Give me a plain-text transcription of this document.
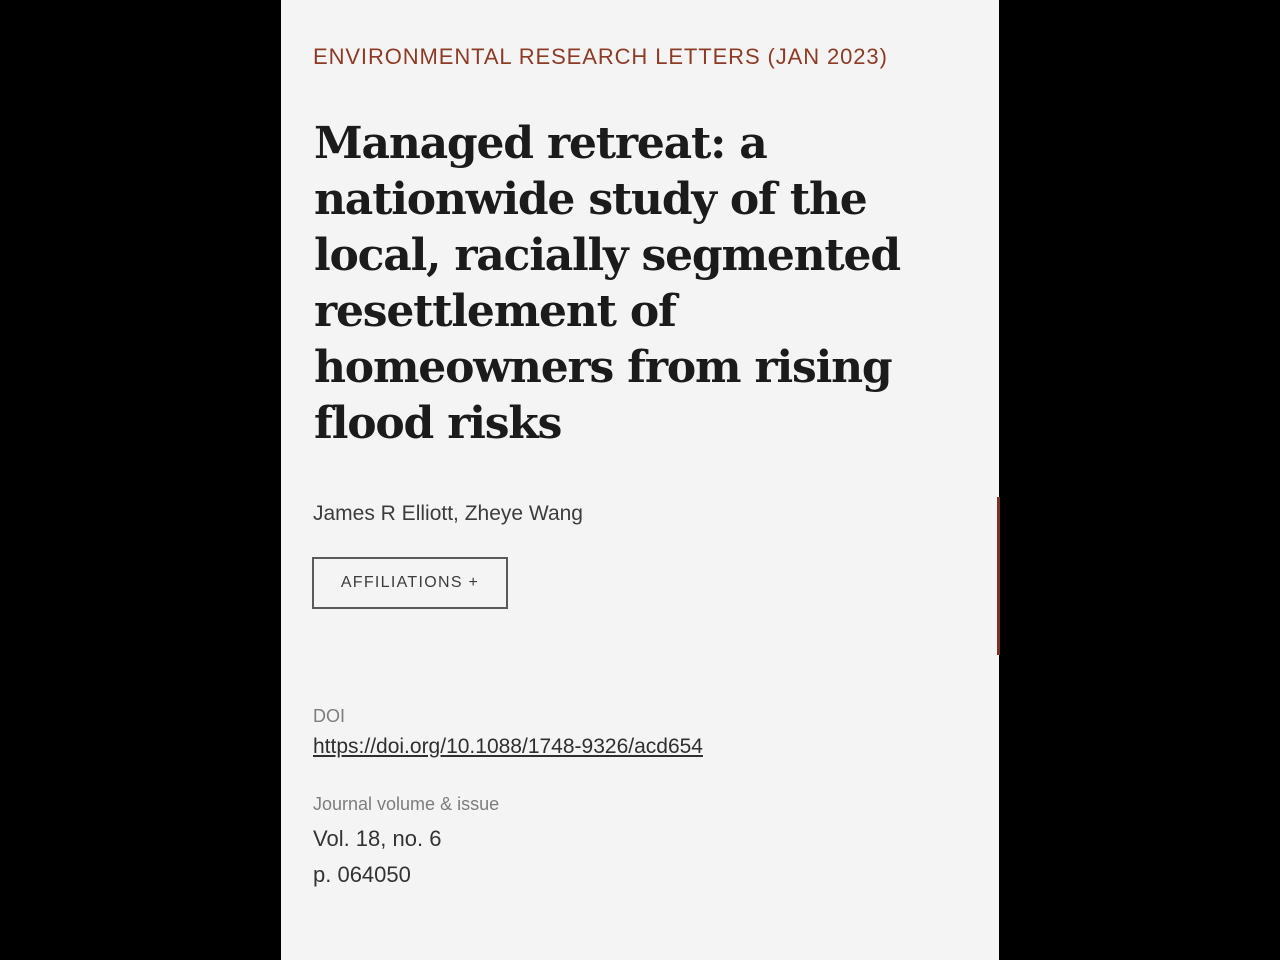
ENVIRONMENTAL RESEARCH LETTERS (JAN 2023)
Managed retreat: a
nationwide study of the
local, racially segmented
resettlement of
homeowners from rising
flood risks
James R Elliott, Zheye Wang
AFFILIATIONS +
DOI
https://doi.org/10.1088/1748-9326/acd654
Journal volume & issue
Vol. 18, no. 6
p. 064050
